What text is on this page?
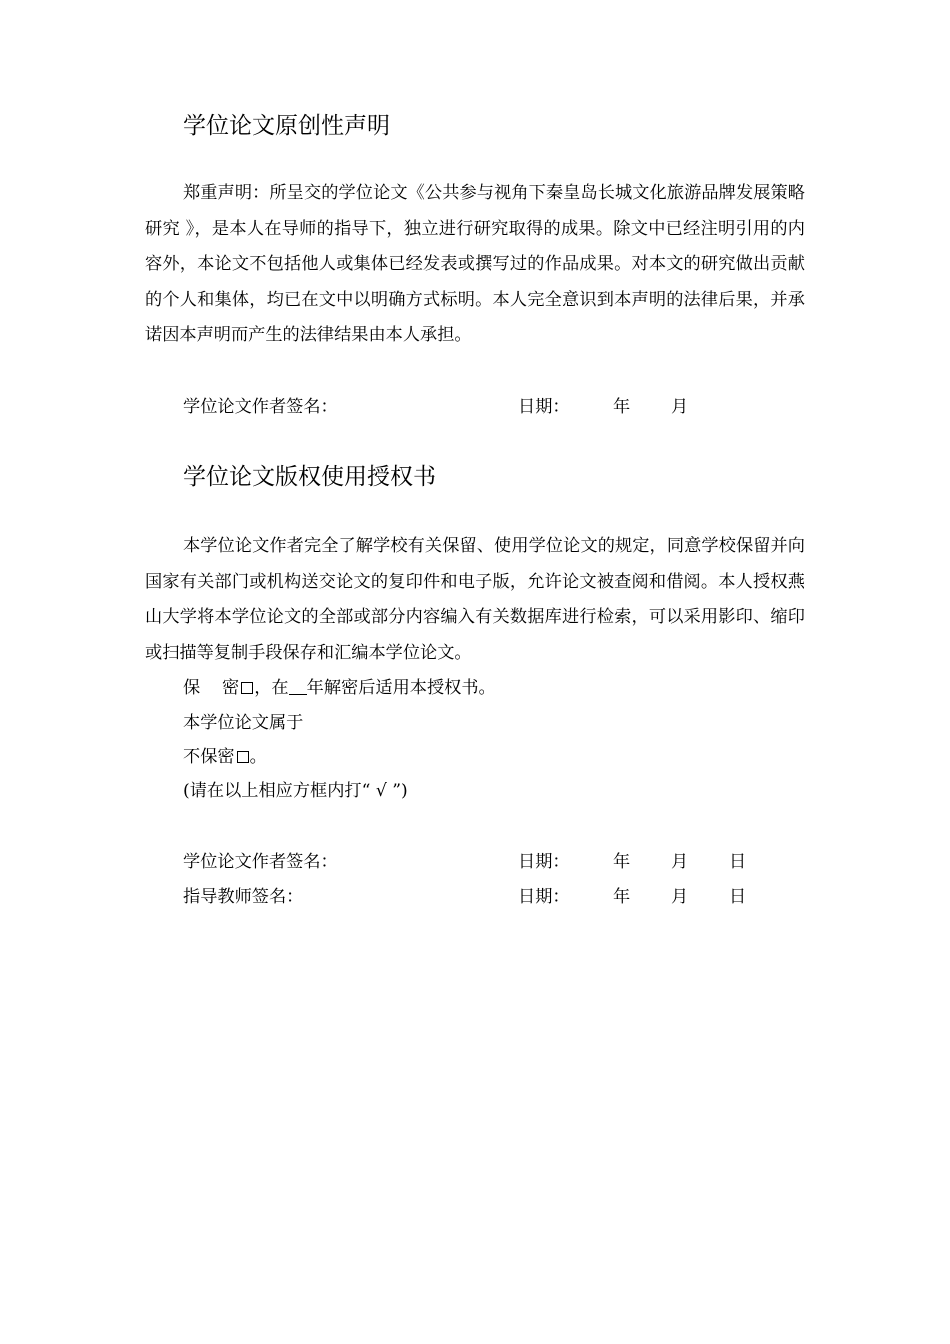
学位论文原创性声明

郑重声明：所呈交的学位论文《公共参与视角下秦皇岛长城文化旅游品牌发展策略研究 》，是本人在导师的指导下，独立进行研究取得的成果。除文中已经注明引用的内容外，本论文不包括他人或集体已经发表或撰写过的作品成果。对本文的研究做出贡献的个人和集体，均已在文中以明确方式标明。本人完全意识到本声明的法律后果，并承诺因本声明而产生的法律结果由本人承担。

学位论文作者签名：	日期：	年 月
学位论文版权使用授权书

本学位论文作者完全了解学校有关保留、使用学位论文的规定，同意学校保留并向国家有关部门或机构送交论文的复印件和电子版，允许论文被查阅和借阅。本人授权燕山大学将本学位论文的全部或部分内容编入有关数据库进行检索，可以采用影印、缩印或扫描等复制手段保存和汇编本学位论文。

保    密 ，在 年解密后适用本授权书。
本学位论文属于
不保密 。
(请在以上相应方框内打“ √ ”)
学位论文作者签名：	日期：	年 月 日
指导教师签名：	日期：	年 月 日
